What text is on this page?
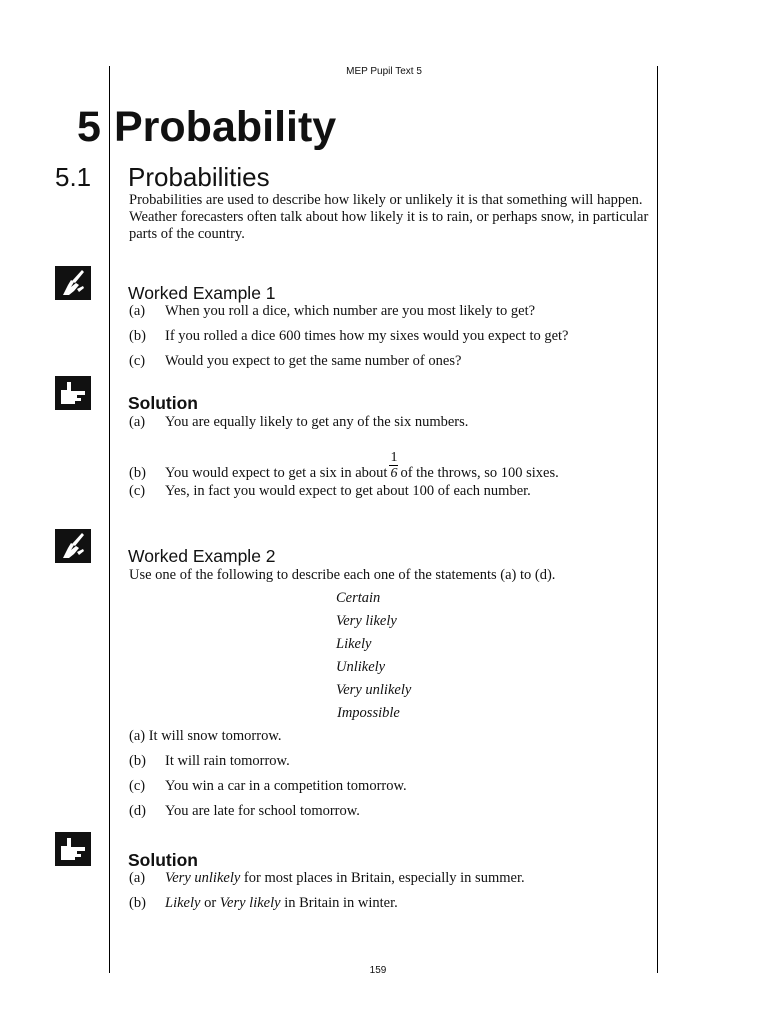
MEP Pupil Text 5
5 Probability
5.1 Probabilities
Probabilities are used to describe how likely or unlikely it is that something will happen. Weather forecasters often talk about how likely it is to rain, or perhaps snow, in particular parts of the country.
Worked Example 1
(a) When you roll a dice, which number are you most likely to get?
(b) If you rolled a dice 600 times how my sixes would you expect to get?
(c) Would you expect to get the same number of ones?
Solution
(a) You are equally likely to get any of the six numbers.
(b) You would expect to get a six in about $\frac{1}{6}$ of the throws, so 100 sixes.
(c) Yes, in fact you would expect to get about 100 of each number.
Worked Example 2
Use one of the following to describe each one of the statements (a) to (d).
Certain
Very likely
Likely
Unlikely
Very unlikely
Impossible
(a) It will snow tomorrow.
(b) It will rain tomorrow.
(c) You win a car in a competition tomorrow.
(d) You are late for school tomorrow.
Solution
(a) Very unlikely for most places in Britain, especially in summer.
(b) Likely or Very likely in Britain in winter.
159
